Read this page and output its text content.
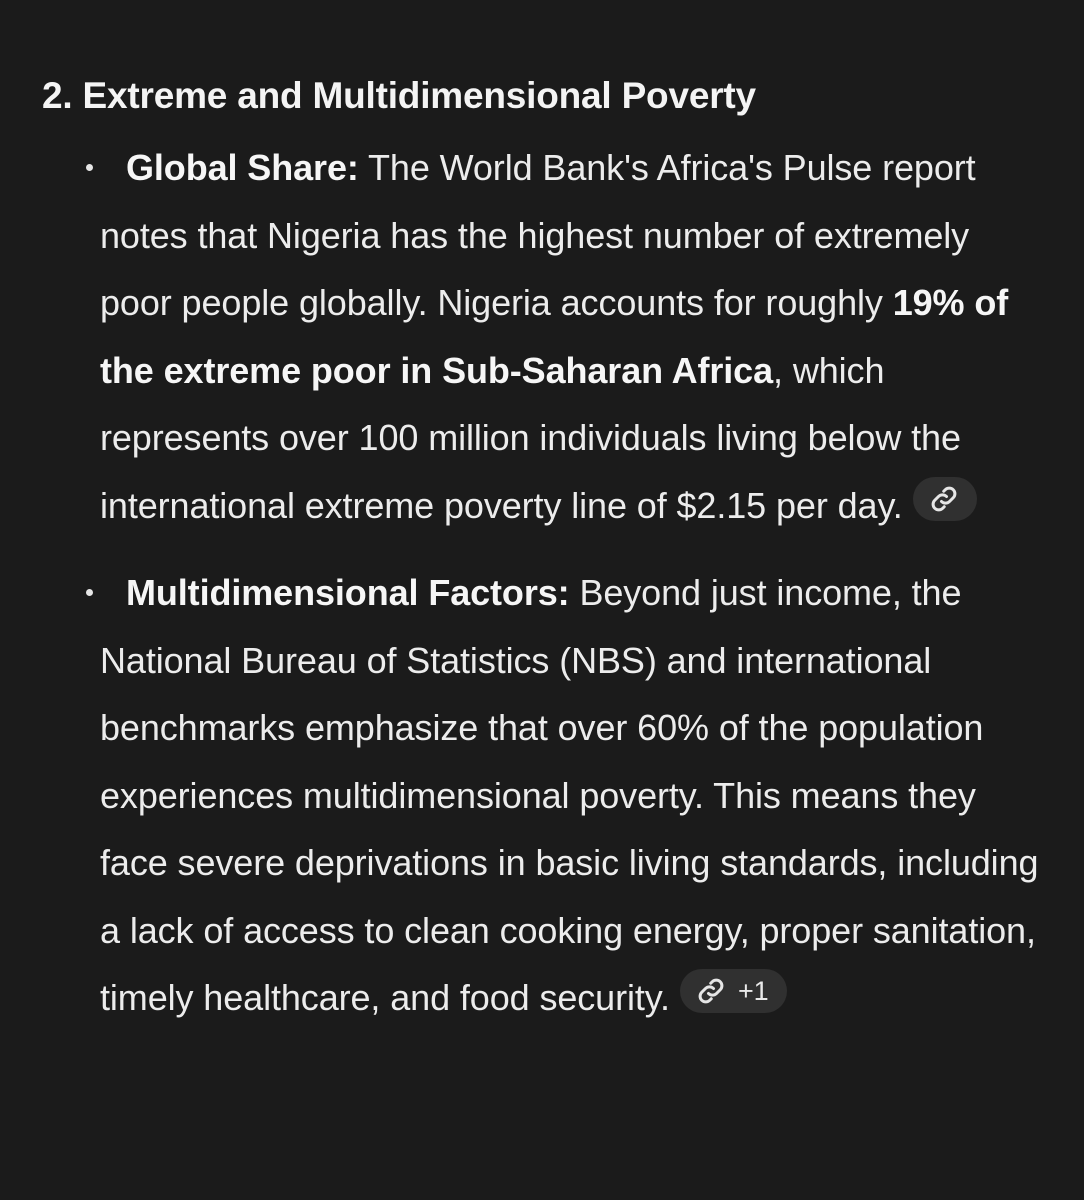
2. Extreme and Multidimensional Poverty
Global Share: The World Bank's Africa's Pulse report notes that Nigeria has the highest number of extremely poor people globally. Nigeria accounts for roughly 19% of the extreme poor in Sub-Saharan Africa, which represents over 100 million individuals living below the international extreme poverty line of $2.15 per day.
Multidimensional Factors: Beyond just income, the National Bureau of Statistics (NBS) and international benchmarks emphasize that over 60% of the population experiences multidimensional poverty. This means they face severe deprivations in basic living standards, including a lack of access to clean cooking energy, proper sanitation, timely healthcare, and food security.	+1
